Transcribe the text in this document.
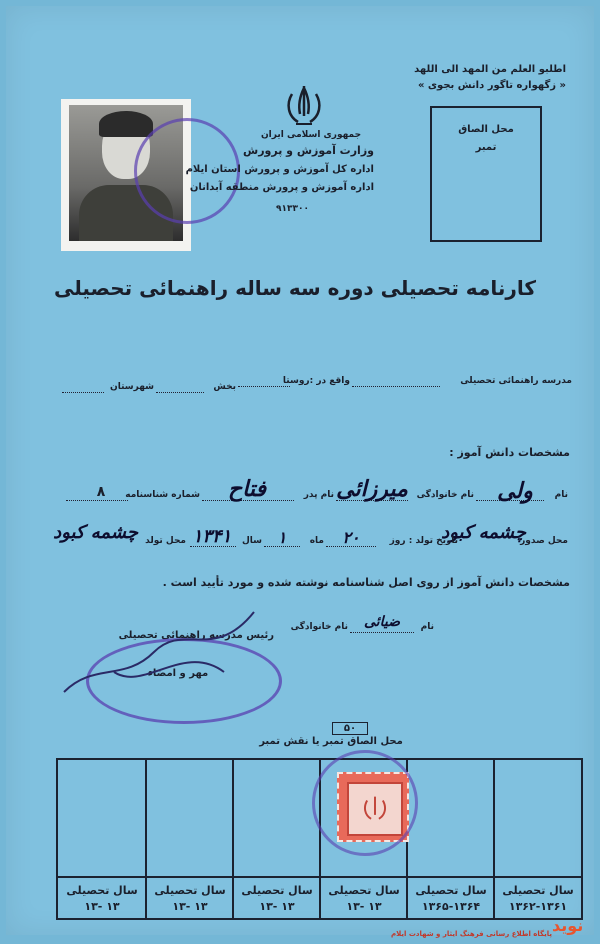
جمهوری اسلامی ایران
وزارت آموزش و پرورش
اداره کل آموزش و پرورش استان ایلام
اداره آموزش و پرورش منطقه آبدانان
۹۱۳۳۰۰
اطلبو العلم من المهد الی اللهد
« زگهواره تاگور دانش بجوی »
محل الصاق
تمبر
کارنامه تحصیلی دوره سه ساله راهنمائی تحصیلی
مدرسه راهنمائی تحصیلی
واقع در :روستا
بخش
شهرستان
مشخصات دانش آموز :
نام
ولی
نام خانوادگی
میرزائی
نام پدر
فتاح
شماره شناسنامه
۸
محل صدور
چشمه کبود
تاریخ تولد : روز
۲۰
ماه
۱
سال
۱۳۴۱
محل تولد
چشمه کبود
مشخصات دانش آموز از روی اصل شناسنامه نوشته شده و مورد تأیید است .
نام
ضیائی
نام خانوادگی
رئیس مدرسه راهنمائی تحصیلی
مهر و امضاء
محل الصاق تمبر یا نقش تمبر
۵۰
سال تحصیلی
۱۳۶۲-۱۳۶۱
سال تحصیلی
۱۳۶۵-۱۳۶۴
سال تحصیلی
۱۳ -۱۳
سال تحصیلی
۱۳ -۱۳
سال تحصیلی
۱۳ -۱۳
سال تحصیلی
۱۳ -۱۳
نوید
پایگاه اطلاع رسانی فرهنگ ایثار و شهادت ایلام
